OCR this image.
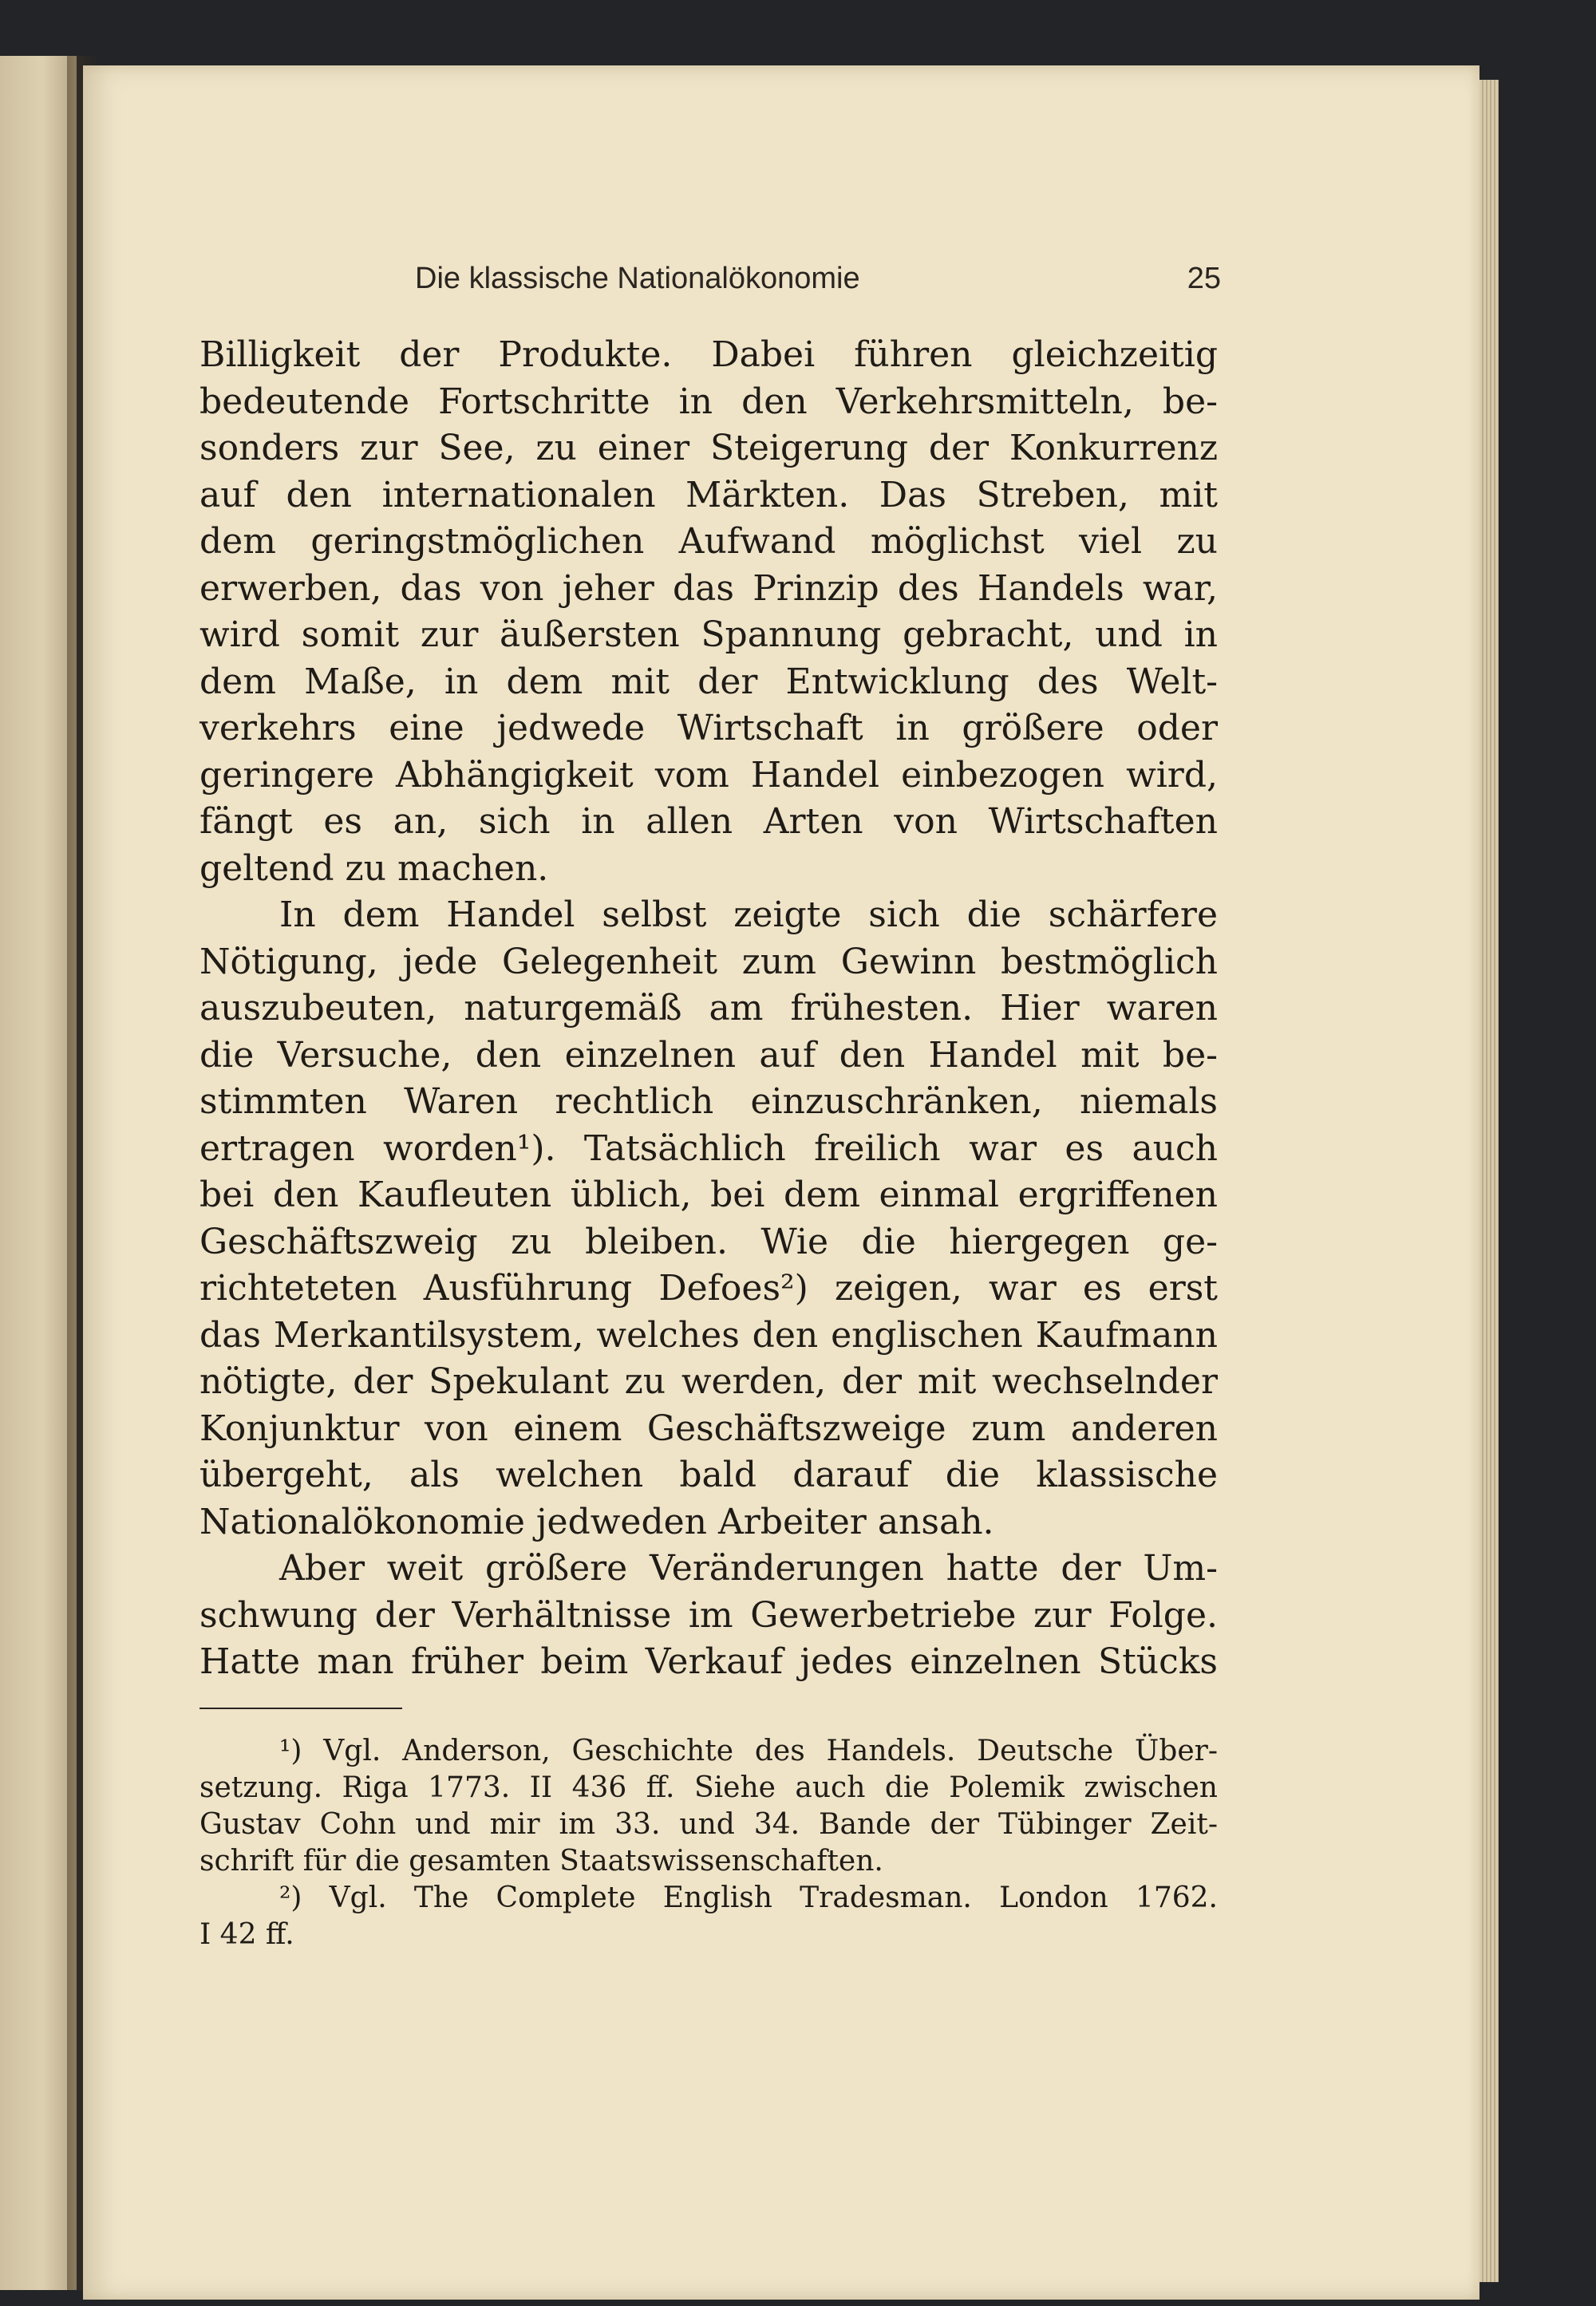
Die klassische Nationalökonomie	25
Billigkeit der Produkte. Dabei führen gleichzeitig
bedeutende Fortschritte in den Verkehrsmitteln, be-
sonders zur See, zu einer Steigerung der Konkurrenz
auf den internationalen Märkten. Das Streben, mit
dem geringstmöglichen Aufwand möglichst viel zu
erwerben, das von jeher das Prinzip des Handels war,
wird somit zur äußersten Spannung gebracht, und in
dem Maße, in dem mit der Entwicklung des Welt-
verkehrs eine jedwede Wirtschaft in größere oder
geringere Abhängigkeit vom Handel einbezogen wird,
fängt es an, sich in allen Arten von Wirtschaften
geltend zu machen.
In dem Handel selbst zeigte sich die schärfere
Nötigung, jede Gelegenheit zum Gewinn bestmöglich
auszubeuten, naturgemäß am frühesten. Hier waren
die Versuche, den einzelnen auf den Handel mit be-
stimmten Waren rechtlich einzuschränken, niemals
ertragen worden¹). Tatsächlich freilich war es auch
bei den Kaufleuten üblich, bei dem einmal ergriffenen
Geschäftszweig zu bleiben. Wie die hiergegen ge-
richteteten Ausführung Defoes²) zeigen, war es erst
das Merkantilsystem, welches den englischen Kaufmann
nötigte, der Spekulant zu werden, der mit wechselnder
Konjunktur von einem Geschäftszweige zum anderen
übergeht, als welchen bald darauf die klassische
Nationalökonomie jedweden Arbeiter ansah.
Aber weit größere Veränderungen hatte der Um-
schwung der Verhältnisse im Gewerbetriebe zur Folge.
Hatte man früher beim Verkauf jedes einzelnen Stücks
¹) Vgl. Anderson, Geschichte des Handels. Deutsche Über-
setzung. Riga 1773. II 436 ff. Siehe auch die Polemik zwischen
Gustav Cohn und mir im 33. und 34. Bande der Tübinger Zeit-
schrift für die gesamten Staatswissenschaften.
²) Vgl. The Complete English Tradesman. London 1762.
I 42 ff.
